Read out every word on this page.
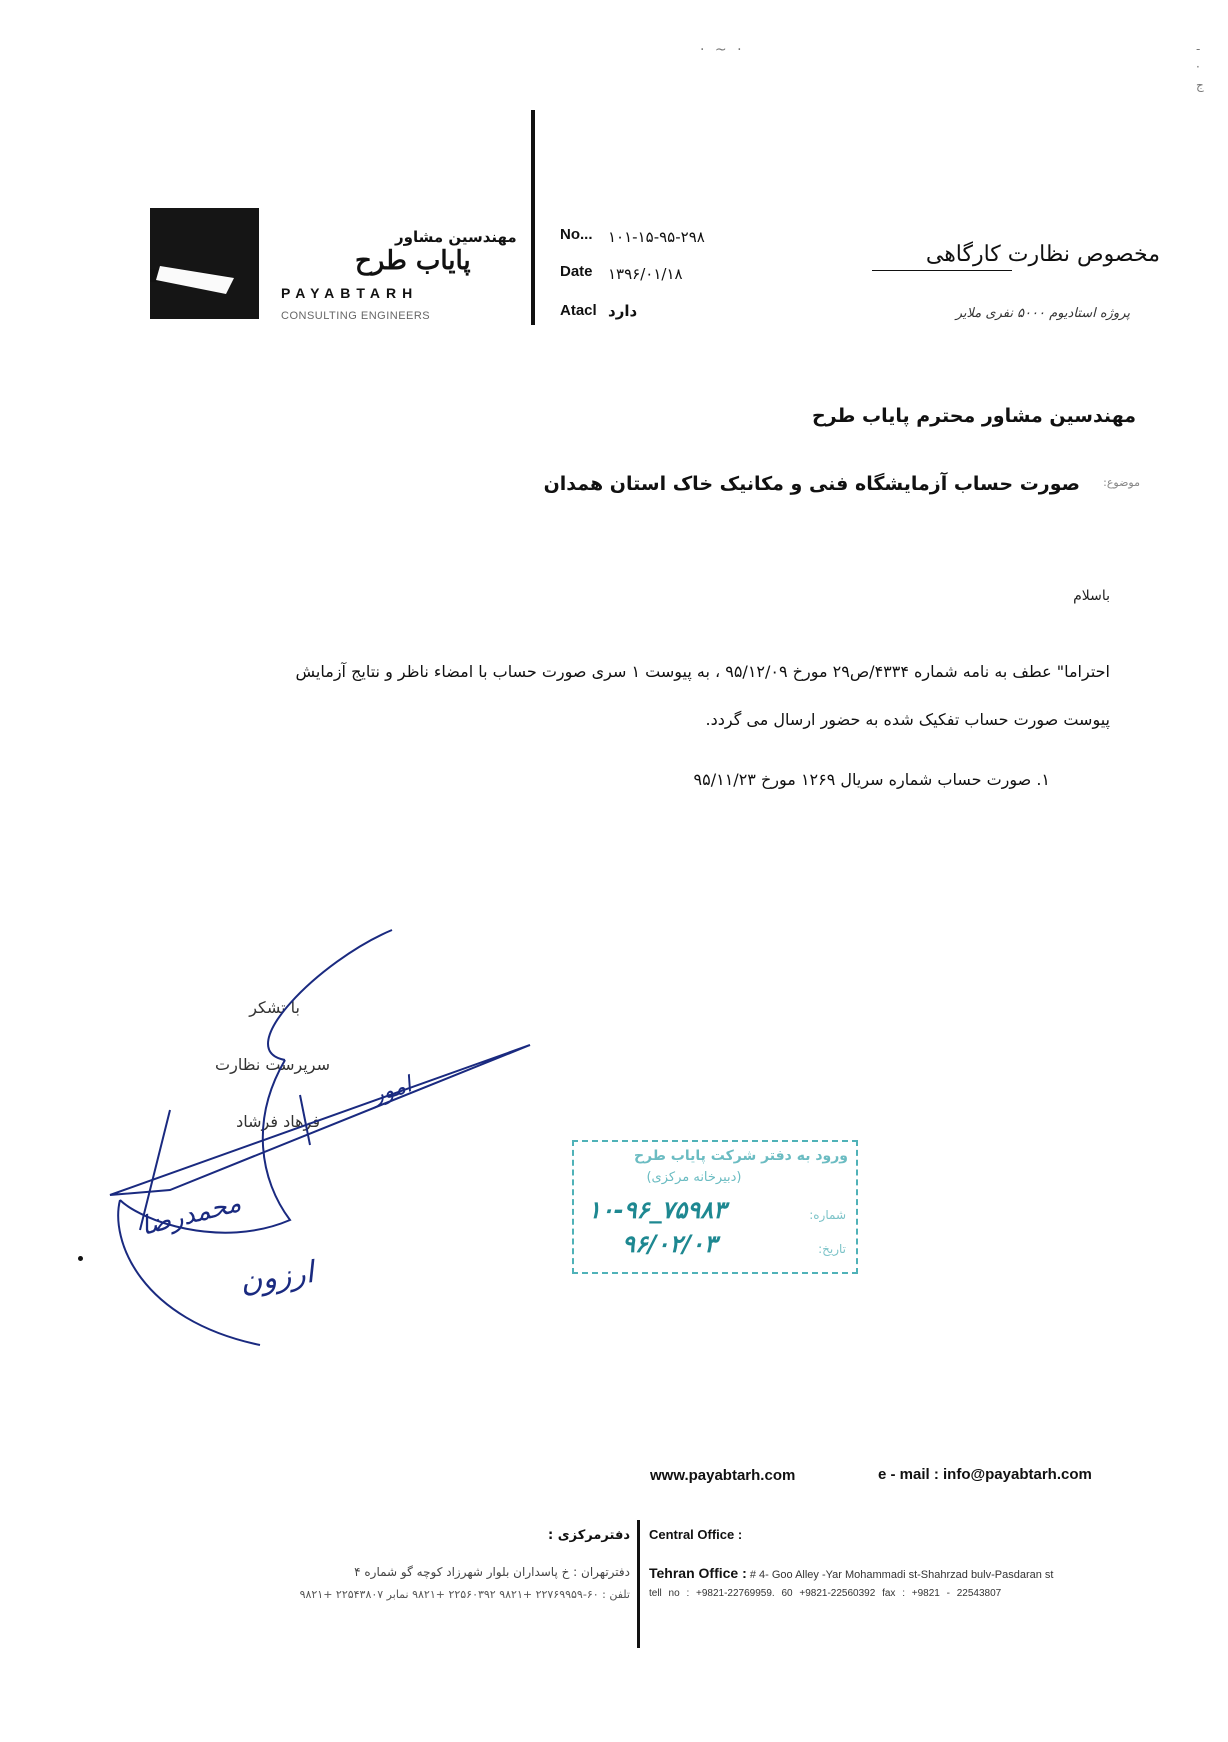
· ~ ·	-
·
ج
مهندسین مشاور
پایاب طرح
PAYABTARH
CONSULTING ENGINEERS
No... ۱۰۱-۱۵-۹۵-۲۹۸
Date ۱۳۹۶/۰۱/۱۸
Atacl دارد
مخصوص نظارت کارگاهی
پروژه استادیوم ۵۰۰۰ نفری ملایر
مهندسین مشاور محترم پایاب طرح
موضوع:
صورت حساب آزمایشگاه فنی و مکانیک خاک استان همدان
باسلام
احتراما" عطف به نامه شماره ۴۳۳۴/ص۲۹ مورخ ۹۵/۱۲/۰۹ ، به پیوست ۱ سری صورت حساب با امضاء ناظر و نتایج آزمایش
پیوست صورت حساب تفکیک شده به حضور ارسال می گردد.
۱. صورت حساب شماره سریال ۱۲۶۹ مورخ ۹۵/۱۱/۲۳
با تشکر
سرپرست نظارت
فرهاد فرشاد
امور
محمدرضا
ارزون
ورود به دفتر شرکت پایاب طرح
(دبیرخانه مرکزی)
شماره:
۱۰-۹۶_۷۵۹۸۳
تاریخ:
۹۶/۰۲/۰۳
www.payabtarh.com	e - mail : info@payabtarh.com
Central Office :
دفترمرکزی :
Tehran Office : # 4- Goo Alley -Yar Mohammadi st-Shahrzad bulv-Pasdaran st
tell no : +9821-22769959. 60 +9821-22560392 fax : +9821 - 22543807
دفترتهران : خ پاسداران بلوار شهرزاد کوچه گو شماره ۴
تلفن : ۶۰-۲۲۷۶۹۹۵۹ +۹۸۲۱ ۲۲۵۶۰۳۹۲ +۹۸۲۱ نمابر ۲۲۵۴۳۸۰۷ +۹۸۲۱
